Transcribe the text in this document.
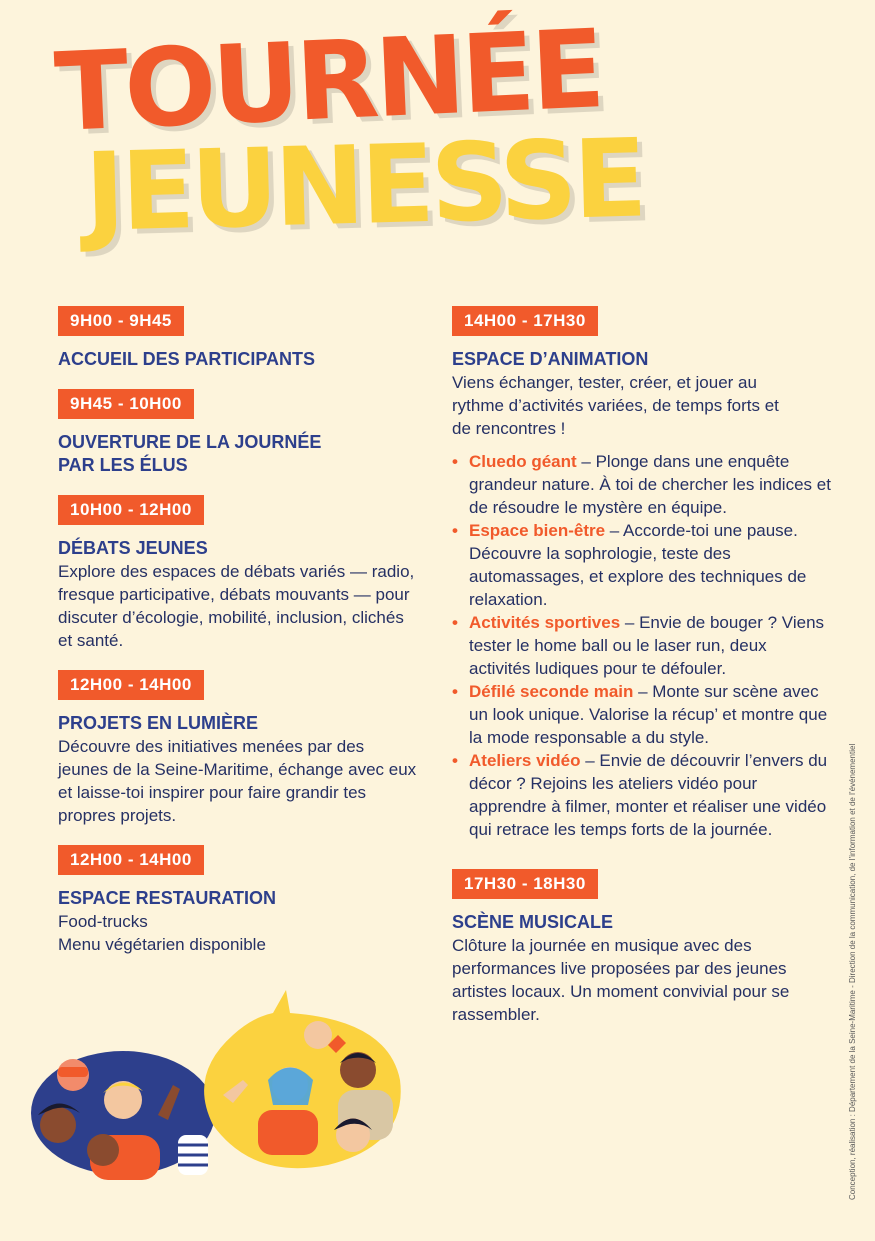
JEUNESSE
TOURNÉE
9H00 - 9H45

ACCUEIL DES PARTICIPANTS

9H45 - 10H00

OUVERTURE DE LA JOURNÉE PAR LES ÉLUS

10H00 - 12H00

DÉBATS JEUNES

Explore des espaces de débats variés — radio, fresque participative, débats mouvants — pour discuter d’écologie, mobilité, inclusion, clichés et santé.

12H00 - 14H00

PROJETS EN LUMIÈRE

Découvre des initiatives menées par des jeunes de la Seine-Maritime, échange avec eux et laisse-toi inspirer pour faire grandir tes propres projets.

12H00 - 14H00

ESPACE RESTAURATION

Food-trucks

Menu végétarien disponible

14H00 - 17H30

ESPACE D’ANIMATION

Viens échanger, tester, créer, et jouer au rythme d’activités variées, de temps forts et de rencontres !

• Cluedo géant – Plonge dans une enquête grandeur nature. À toi de chercher les indices et de résoudre le mystère en équipe.
• Espace bien-être – Accorde-toi une pause. Découvre la sophrologie, teste des automassages, et explore des techniques de relaxation.
• Activités sportives – Envie de bouger ? Viens tester le home ball ou le laser run, deux activités ludiques pour te défouler.
• Défilé seconde main – Monte sur scène avec un look unique. Valorise la récup’ et montre que la mode responsable a du style.
• Ateliers vidéo – Envie de découvrir l’envers du décor ? Rejoins les ateliers vidéo pour apprendre à filmer, monter et réaliser une vidéo qui retrace les temps forts de la journée.
17H30 - 18H30

SCÈNE MUSICALE

Clôture la journée en musique avec des performances live proposées par des jeunes artistes locaux. Un moment convivial pour se rassembler.	Conception, réalisation : Département de la Seine-Maritime - Direction de la communication, de l’information et de l’événementiel
